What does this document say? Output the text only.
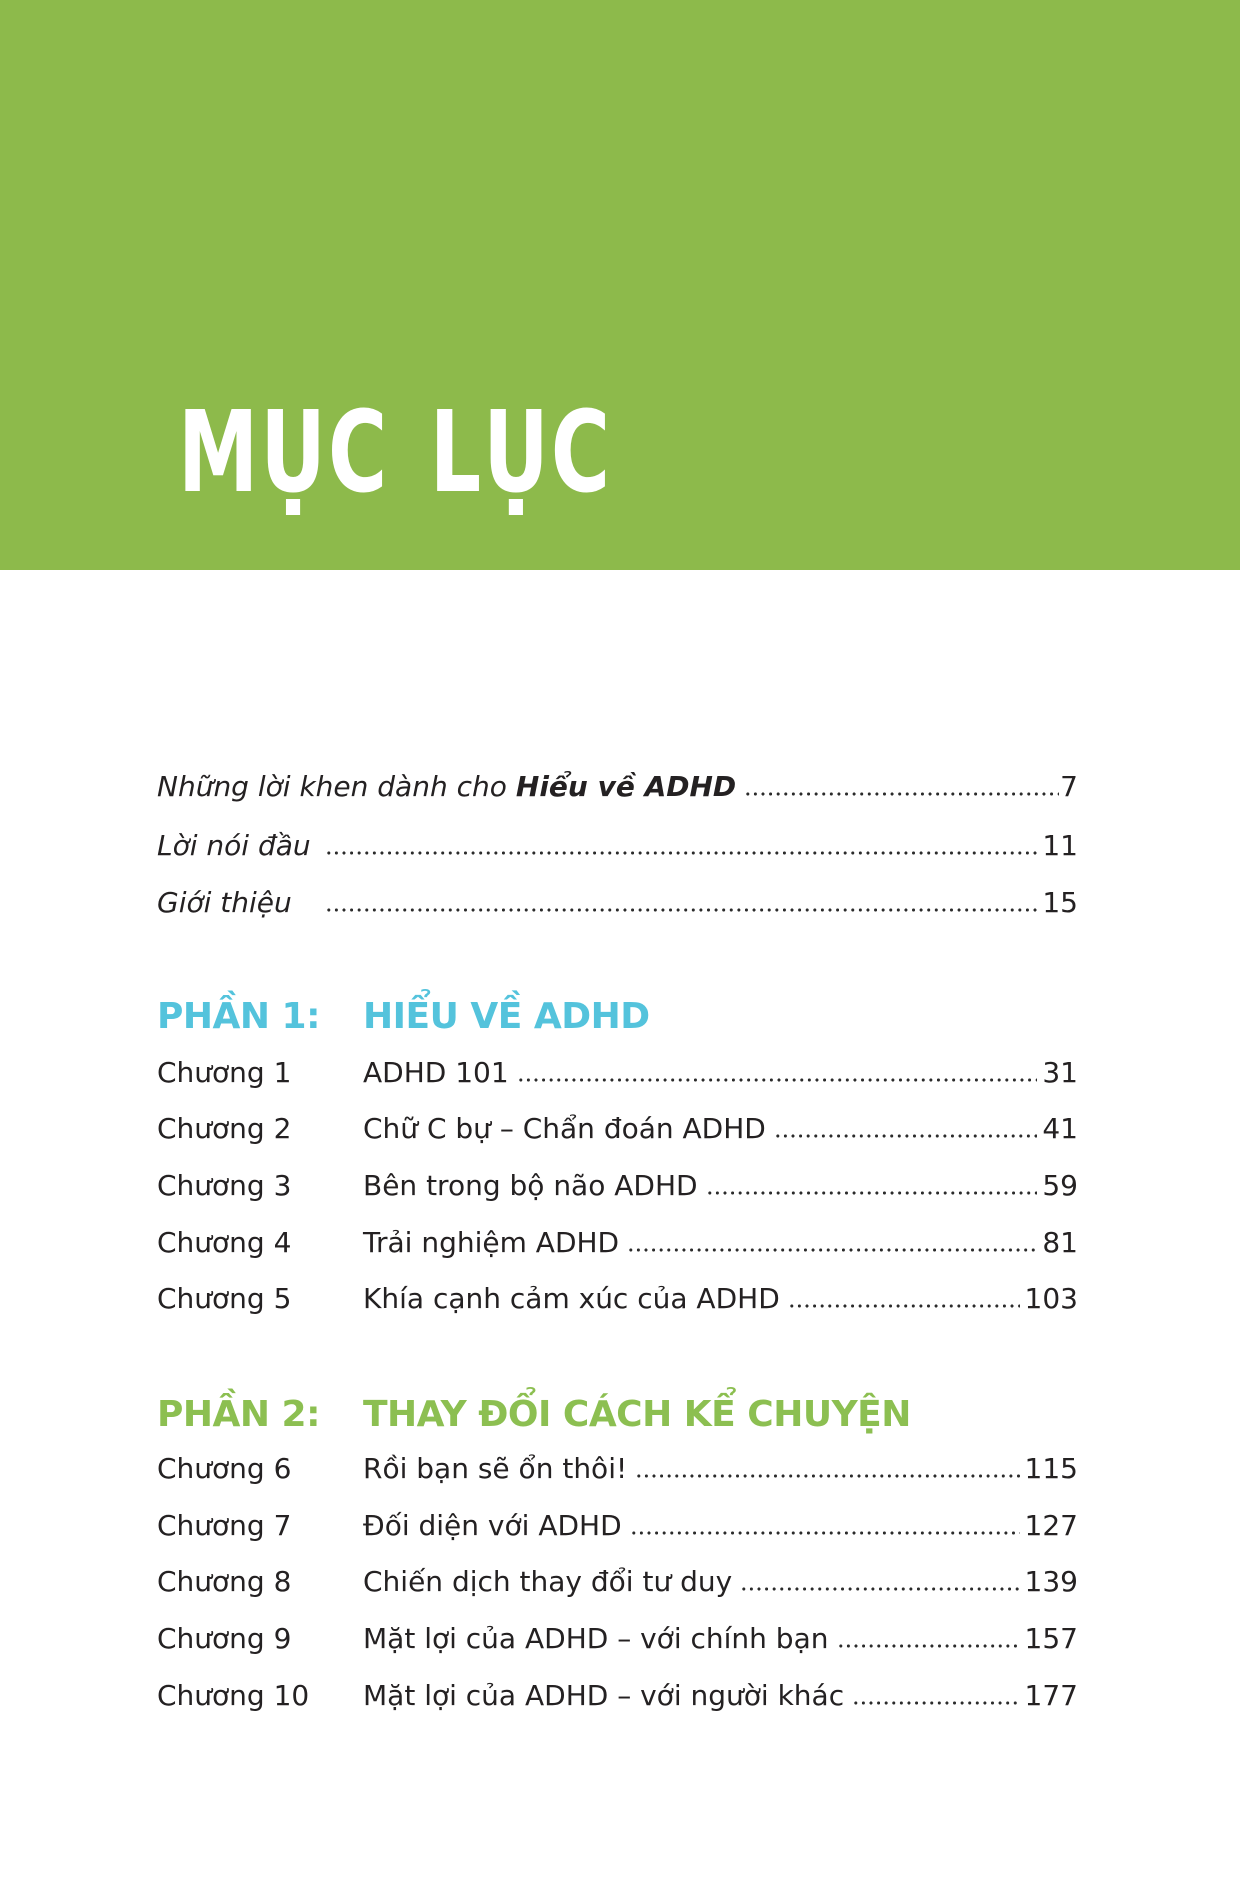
MỤC LỤC
Những lời khen dành cho Hiểu về ADHD	7
Lời nói đầu	11
Giới thiệu	15
PHẦN 1:	HIỂU VỀ ADHD
Chương 1	ADHD 101	31
Chương 2	Chữ C bự – Chẩn đoán ADHD	41
Chương 3	Bên trong bộ não ADHD	59
Chương 4	Trải nghiệm ADHD	81
Chương 5	Khía cạnh cảm xúc của ADHD	103
PHẦN 2:	THAY ĐỔI CÁCH KỂ CHUYỆN
Chương 6	Rồi bạn sẽ ổn thôi!	115
Chương 7	Đối diện với ADHD	127
Chương 8	Chiến dịch thay đổi tư duy	139
Chương 9	Mặt lợi của ADHD – với chính bạn	157
Chương 10	Mặt lợi của ADHD – với người khác	177
